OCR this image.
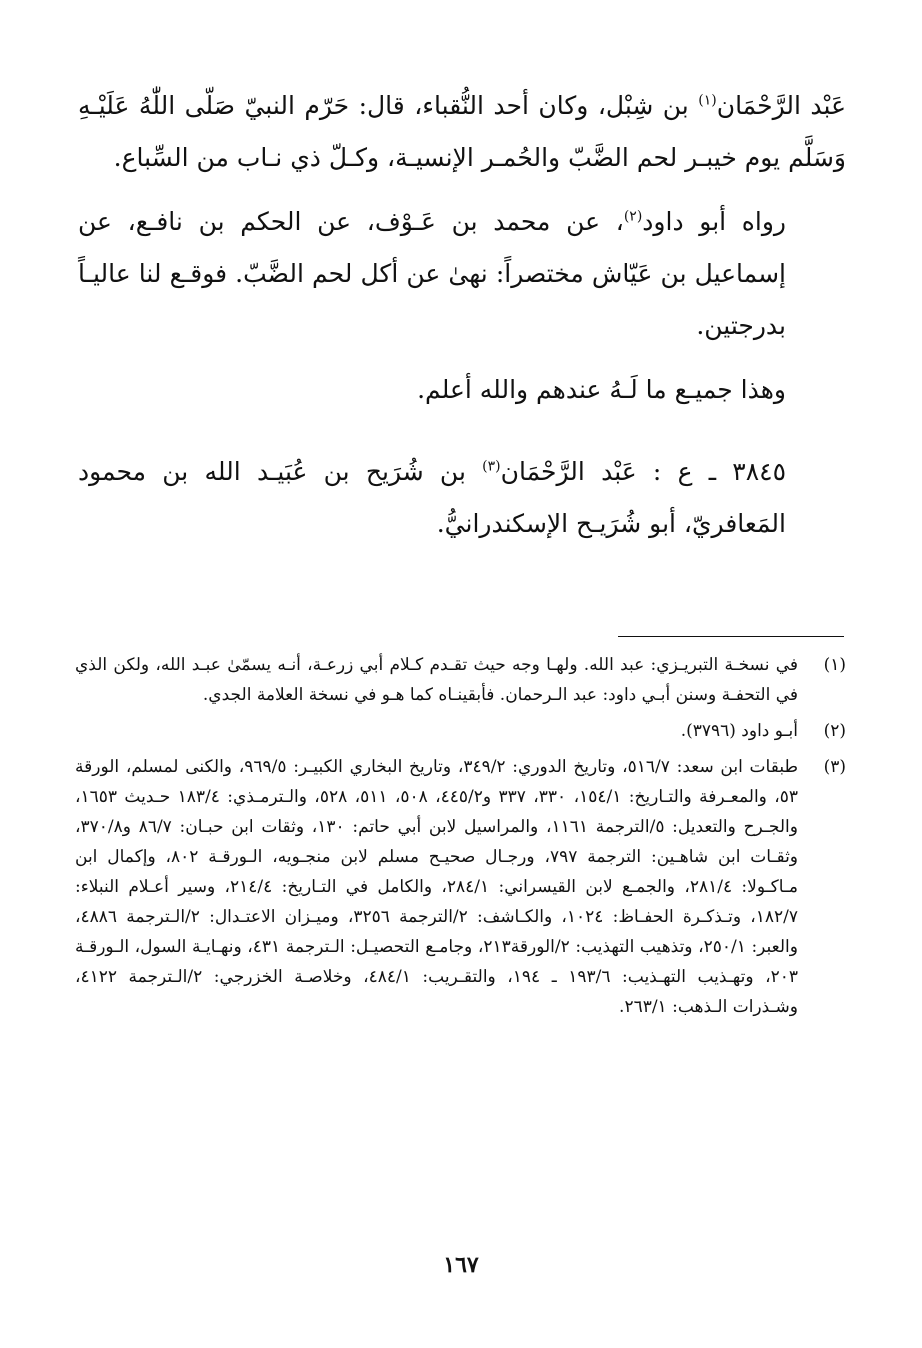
عَبْد الرَّحْمَان$^{(١)}$ بن شِبْل، وكان أحد النُّقباء، قال: حَرّم النبيّ صَلّى اللّٰهُ عَلَيْـهِ وَسَلَّم يوم خيبـر لحم الضَّبّ والحُمـر الإنسيـة، وكـلّ ذي نـاب من السِّباع.

رواه أبو داود$^{(٢)}$، عن محمد بن عَـوْف، عن الحكم بن نافـع، عن إسماعيل بن عَيّاش مختصراً: نهىٰ عن أكل لحم الضَّبّ. فوقـع لنا عاليـاً بدرجتين.

وهذا جميـع ما لَـهُ عندهم والله أعلم.

٣٨٤٥ ـ ع : عَبْد الرَّحْمَان$^{(٣)}$ بن شُرَيح بن عُبَيـد الله بن محمود المَعافريّ، أبو شُرَيـح الإسكندرانيُّ.

(١)
في نسخـة التبريـزي: عبد الله. ولهـا وجه حيث تقـدم كـلام أبي زرعـة، أنـه يسمّىٰ عبـد الله، ولكن الذي في التحفـة وسنن أبـي داود: عبد الـرحمان. فأبقينـاه كما هـو في نسخة العلامة الجدي.
(٢)
أبـو داود (٣٧٩٦).
(٣)
طبقات ابن سعد: ٥١٦/٧، وتاريخ الدوري: ٣٤٩/٢، وتاريخ البخاري الكبيـر: ٩٦٩/٥، والكنى لمسلم، الورقة ٥٣، والمعـرفة والتـاريخ: ١٥٤/١، ٣٣٠، ٣٣٧ و٤٤٥/٢، ٥٠٨، ٥١١، ٥٢٨، والـترمـذي: ١٨٣/٤ حـديث ١٦٥٣، والجـرح والتعديل: ٥/الترجمة ١١٦١، والمراسيل لابن أبي حاتم: ١٣٠، وثقات ابن حبـان: ٨٦/٧ و٣٧٠/٨، وثقـات ابن شاهـين: الترجمة ٧٩٧، ورجـال صحيـح مسلم لابن منجـويه، الـورقـة ٨٠٢، وإكمال ابن مـاكـولا: ٢٨١/٤، والجمـع لابن القيسراني: ٢٨٤/١، والكامل في التـاريخ: ٢١٤/٤، وسير أعـلام النبلاء: ١٨٢/٧، وتـذكـرة الحفـاظ: ١٠٢٤، والكـاشف: ٢/الترجمة ٣٢٥٦، وميـزان الاعتـدال: ٢/الـترجمة ٤٨٨٦، والعبر: ٢٥٠/١، وتذهيب التهذيب: ٢/الورقة٢١٣، وجامـع التحصيـل: الـترجمة ٤٣١، ونهـايـة السول، الـورقـة ٢٠٣، وتهـذيب التهـذيب: ١٩٣/٦ ـ ١٩٤، والتقـريب: ٤٨٤/١، وخلاصـة الخزرجي: ٢/الـترجمة ٤١٢٢، وشـذرات الـذهب: ٢٦٣/١.
١٦٧
